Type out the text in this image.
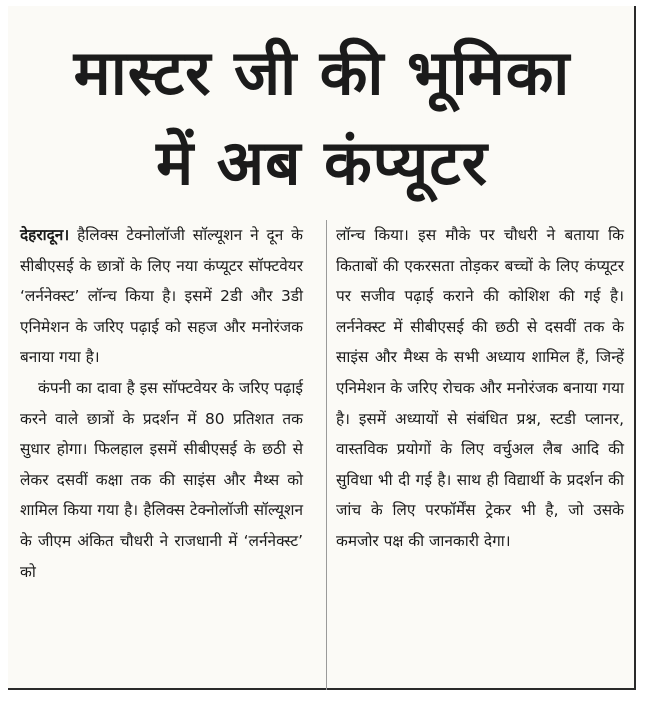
मास्टर जी की भूमिका
में अब कंप्यूटर

देहरादून। हैलिक्स टेक्नोलॉजी सॉल्यूशन ने दून के सीबीएसई के छात्रों के लिए नया कंप्यूटर सॉफ्टवेयर ‘लर्ननेक्स्ट’ लॉन्च किया है। इसमें 2डी और 3डी एनिमेशन के जरिए पढ़ाई को सहज और मनोरंजक बनाया गया है।

कंपनी का दावा है इस सॉफ्टवेयर के जरिए पढ़ाई करने वाले छात्रों के प्रदर्शन में 80 प्रतिशत तक सुधार होगा। फिलहाल इसमें सीबीएसई के छठी से लेकर दसवीं कक्षा तक की साइंस और मैथ्स को शामिल किया गया है। हैलिक्स टेक्नोलॉजी सॉल्यूशन के जीएम अंकित चौधरी ने राजधानी में ‘लर्ननेक्स्ट’ को

लॉन्च किया। इस मौके पर चौधरी ने बताया कि किताबों की एकरसता तोड़कर बच्चों के लिए कंप्यूटर पर सजीव पढ़ाई कराने की कोशिश की गई है। लर्ननेक्स्ट में सीबीएसई की छठी से दसवीं तक के साइंस और मैथ्स के सभी अध्याय शामिल हैं, जिन्हें एनिमेशन के जरिए रोचक और मनोरंजक बनाया गया है। इसमें अध्यायों से संबंधित प्रश्न, स्टडी प्लानर, वास्तविक प्रयोगों के लिए वर्चुअल लैब आदि की सुविधा भी दी गई है। साथ ही विद्यार्थी के प्रदर्शन की जांच के लिए परफॉर्मेंस ट्रेकर भी है, जो उसके कमजोर पक्ष की जानकारी देगा।
